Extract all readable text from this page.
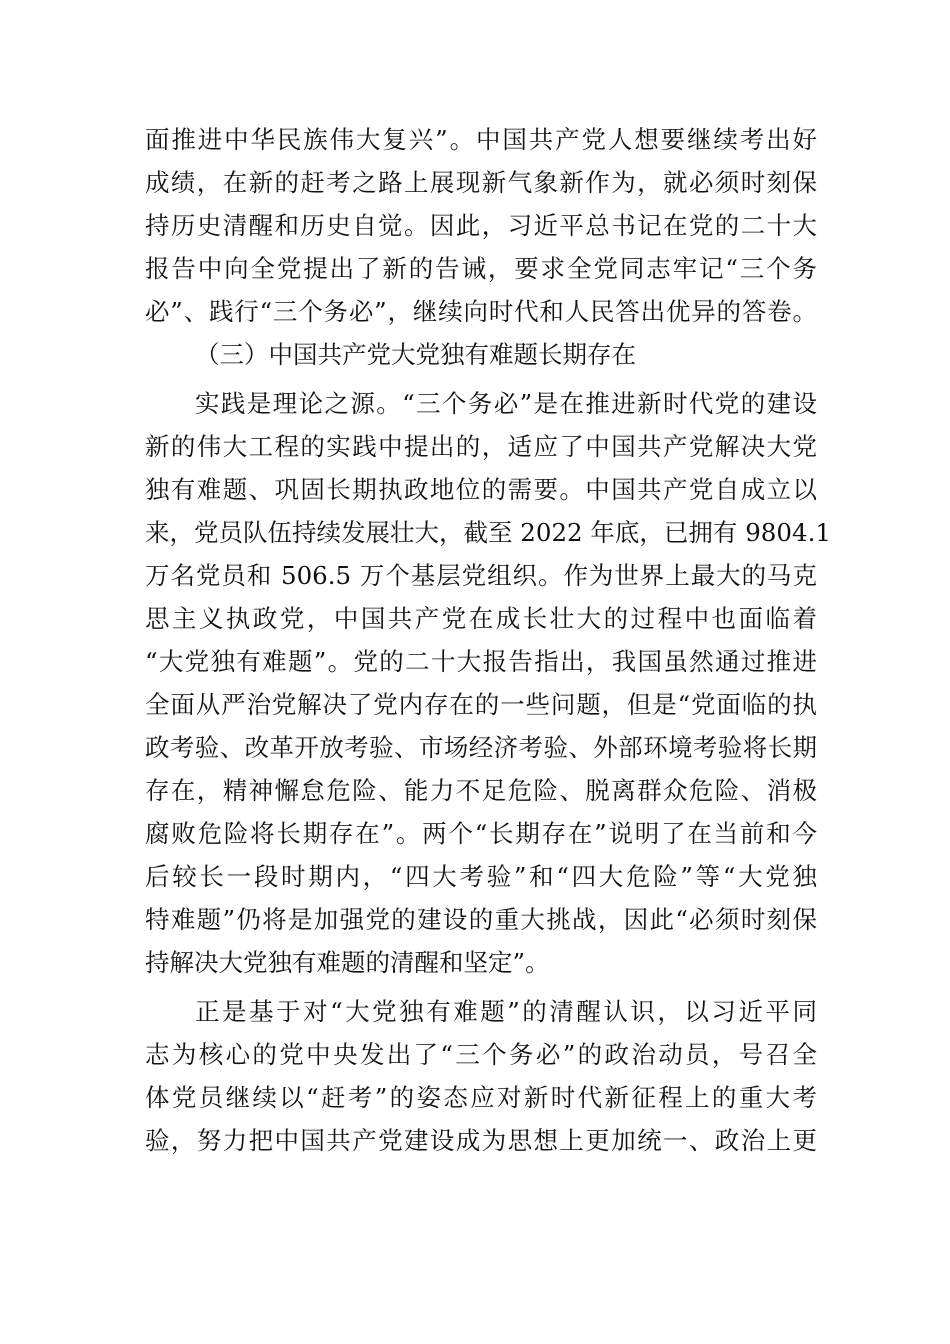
面推进中华民族伟大复兴”。中国共产党人想要继续考出好
成绩，在新的赶考之路上展现新气象新作为，就必须时刻保
持历史清醒和历史自觉。因此，习近平总书记在党的二十大
报告中向全党提出了新的告诫，要求全党同志牢记“三个务
必”、践行“三个务必”，继续向时代和人民答出优异的答卷。
（三）中国共产党大党独有难题长期存在
实践是理论之源。“三个务必”是在推进新时代党的建设
新的伟大工程的实践中提出的，适应了中国共产党解决大党
独有难题、巩固长期执政地位的需要。中国共产党自成立以
来，党员队伍持续发展壮大，截至 2022 年底，已拥有 9804.1
万名党员和 506.5 万个基层党组织。作为世界上最大的马克
思主义执政党，中国共产党在成长壮大的过程中也面临着
“大党独有难题”。党的二十大报告指出，我国虽然通过推进
全面从严治党解决了党内存在的一些问题，但是“党面临的执
政考验、改革开放考验、市场经济考验、外部环境考验将长期
存在，精神懈怠危险、能力不足危险、脱离群众危险、消极
腐败危险将长期存在”。两个“长期存在”说明了在当前和今
后较长一段时期内，“四大考验”和“四大危险”等“大党独
特难题”仍将是加强党的建设的重大挑战，因此“必须时刻保
持解决大党独有难题的清醒和坚定”。
正是基于对“大党独有难题”的清醒认识，以习近平同
志为核心的党中央发出了“三个务必”的政治动员，号召全
体党员继续以“赶考”的姿态应对新时代新征程上的重大考
验，努力把中国共产党建设成为思想上更加统一、政治上更
